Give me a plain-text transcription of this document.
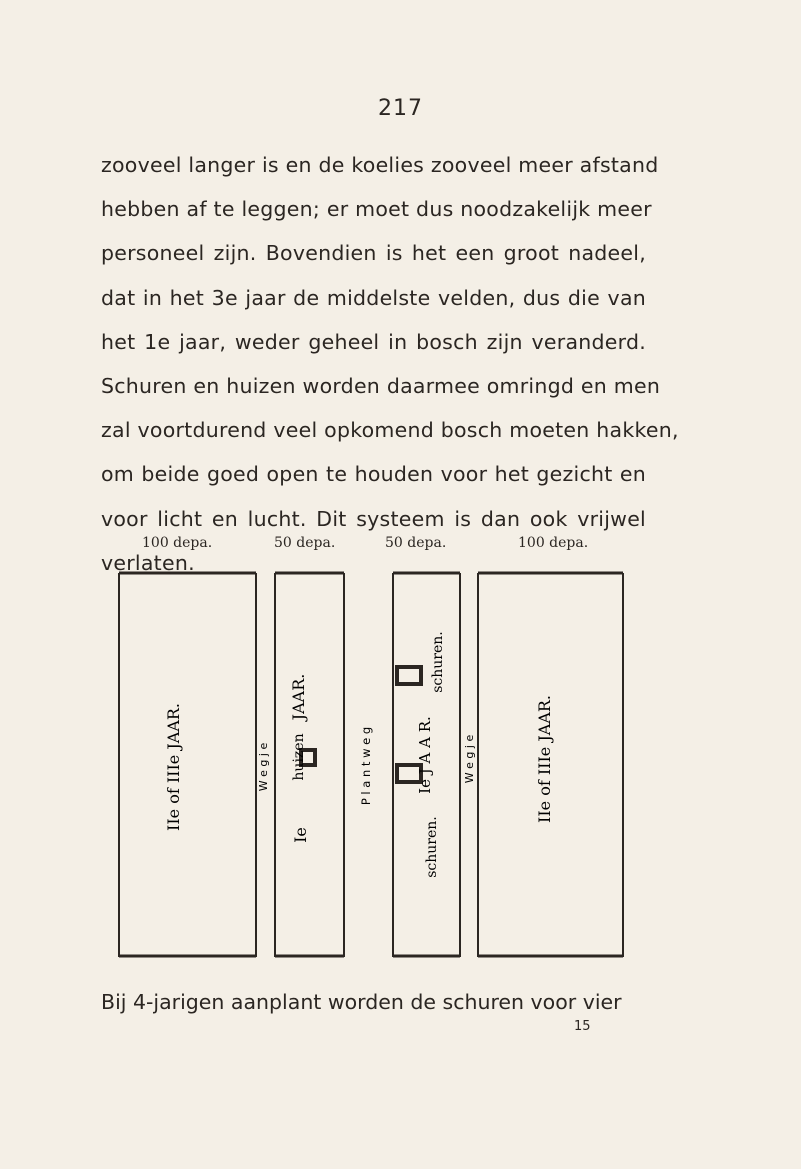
217
zooveel langer is en de koelies zooveel meer afstand
hebben af te leggen; er moet dus noodzakelijk meer
personeel zijn. Bovendien is het een groot nadeel,
dat in het 3e jaar de middelste velden, dus die van
het 1e jaar, weder geheel in bosch zijn veranderd.
Schuren en huizen worden daarmee omringd en men
zal voortdurend veel opkomend bosch moeten hakken,
om beide goed open te houden voor het gezicht en
voor licht en lucht. Dit systeem is dan ook vrijwel
verlaten.
100 depa.	50 depa.	50 depa.	100 depa.
IIe of IIIe JAAR.	W e g j e
JAAR.
huizen
Ie
P l a n t w e g
schuren.
Ie J A A R.
schuren.
W e g j e	IIe of IIIe JAAR.
Bij 4-jarigen aanplant worden de schuren voor vier
15
